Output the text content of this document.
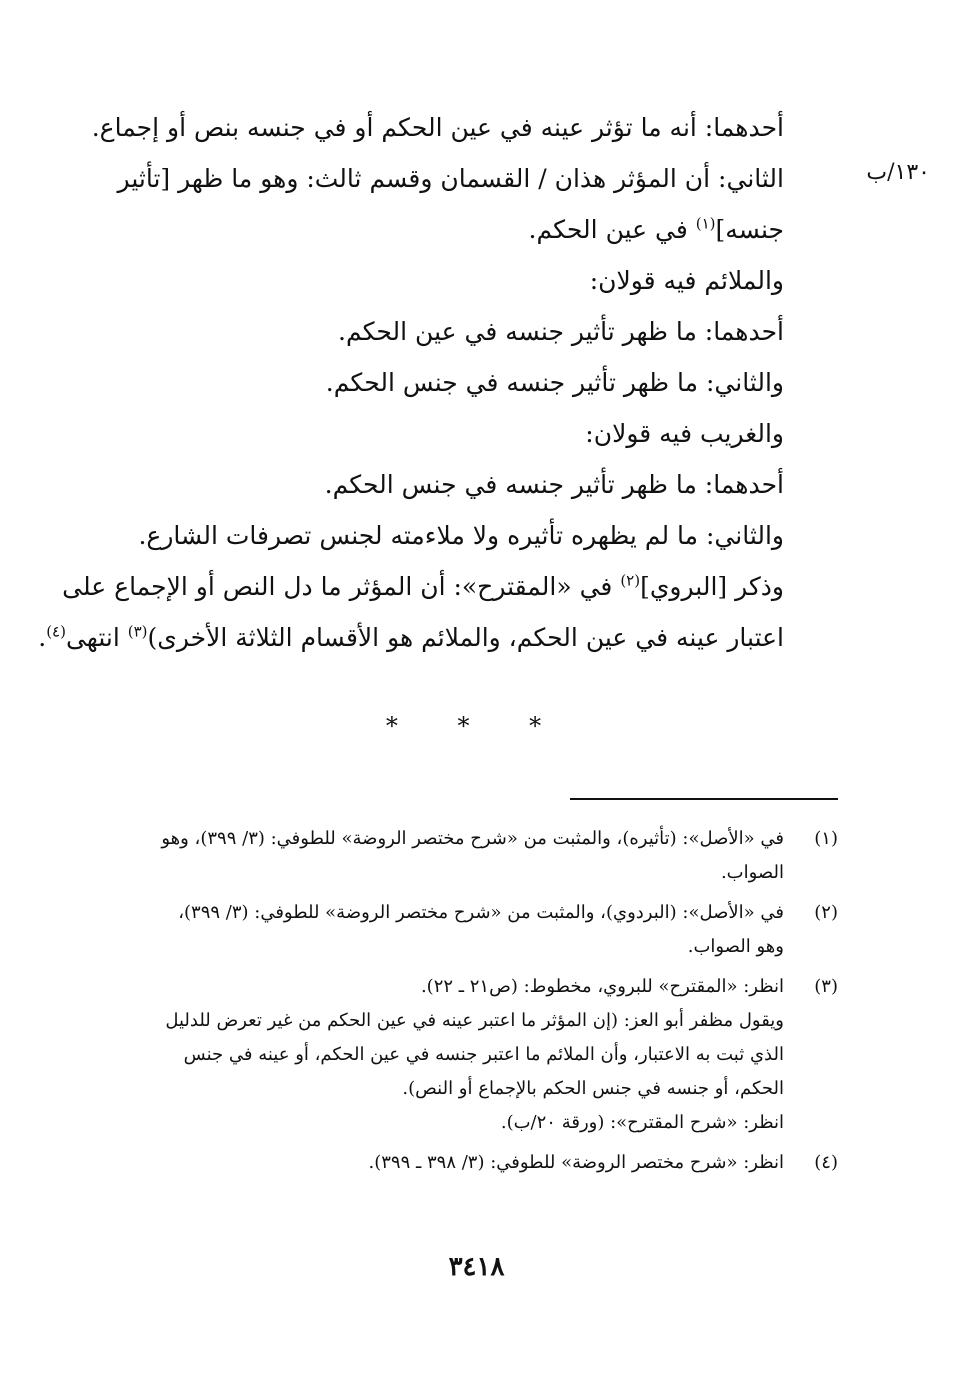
١٣٠/ب
أحدهما: أنه ما تؤثر عينه في عين الحكم أو في جنسه بنص أو إجماع.
الثاني: أن المؤثر هذان / القسمان وقسم ثالث: وهو ما ظهر [تأثير
جنسه]$^{(١)}$ في عين الحكم.
والملائم فيه قولان:
أحدهما: ما ظهر تأثير جنسه في عين الحكم.
والثاني: ما ظهر تأثير جنسه في جنس الحكم.
والغريب فيه قولان:
أحدهما: ما ظهر تأثير جنسه في جنس الحكم.
والثاني: ما لم يظهره تأثيره ولا ملاءمته لجنس تصرفات الشارع.
وذكر [البروي]$^{(٢)}$ في «المقترح»: أن المؤثر ما دل النص أو الإجماع على
اعتبار عينه في عين الحكم، والملائم هو الأقسام الثلاثة الأخرى)$^{(٣)}$ انتهى$^{(٤)}$.
* * *
(١)
في «الأصل»: (تأثيره)، والمثبت من «شرح مختصر الروضة» للطوفي: (٣/ ٣٩٩)، وهو
الصواب.
(٢)
في «الأصل»: (البردوي)، والمثبت من «شرح مختصر الروضة» للطوفي: (٣/ ٣٩٩)،
وهو الصواب.
(٣)
انظر: «المقترح» للبروي، مخطوط: (ص٢١ ـ ٢٢).
ويقول مظفر أبو العز: (إن المؤثر ما اعتبر عينه في عين الحكم من غير تعرض للدليل
الذي ثبت به الاعتبار، وأن الملائم ما اعتبر جنسه في عين الحكم، أو عينه في جنس
الحكم، أو جنسه في جنس الحكم بالإجماع أو النص).
انظر: «شرح المقترح»: (ورقة ٢٠/ب).
(٤)
انظر: «شرح مختصر الروضة» للطوفي: (٣/ ٣٩٨ ـ ٣٩٩).
٣٤١٨
